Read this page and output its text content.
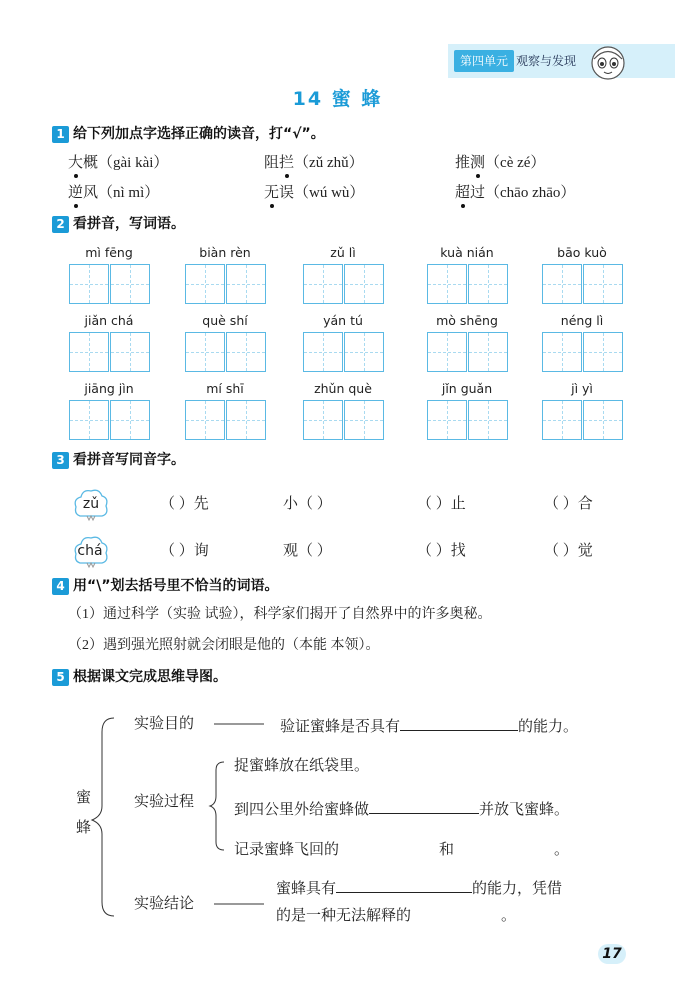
第四单元 观察与发现
14 蜜 蜂
1 给下列加点字选择正确的读音，打“√”。
大概（gài kài）	阻拦（zǔ zhǔ）	推测（cè zé）
逆风（nì mì）	无误（wú wù）	超过（chāo zhāo）
2 看拼音，写词语。
mì fēng	biàn rèn	zǔ lì	kuà nián	bāo kuò
jiǎn chá	què shí	yán tú	mò shēng	néng lì
jiāng jìn	mí shī	zhǔn què	jǐn guǎn	jì yì
3 看拼音写同音字。
zǔ	（ ）先	小（ ）	（ ）止	（ ）合
chá	（ ）询	观（ ）	（ ）找	（ ）觉
4 用“\”划去括号里不恰当的词语。
（1）通过科学（实验 试验），科学家们揭开了自然界中的许多奥秘。
（2）遇到强光照射就会闭眼是他的（本能 本领）。
5 根据课文完成思维导图。
蜜
蜂
实验目的	验证蜜蜂是否具有	的能力。
实验过程
捉蜜蜂放在纸袋里。
到四公里外给蜜蜂做	并放飞蜜蜂。
记录蜜蜂飞回的	和	。
实验结论
蜜蜂具有	的能力，凭借
的是一种无法解释的	。
17
